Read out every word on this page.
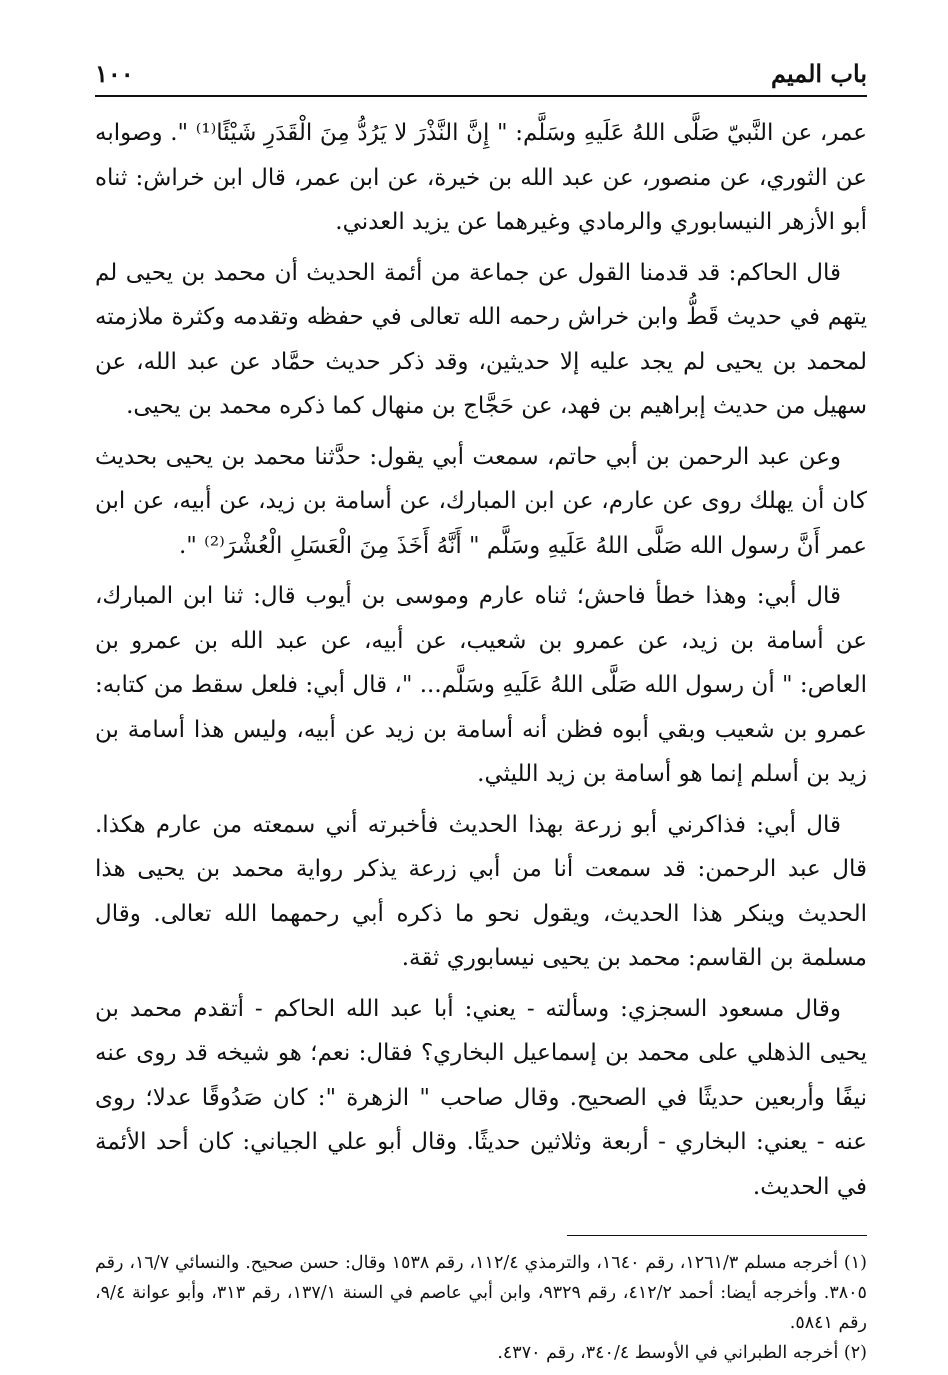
باب الميم
١٠٠

عمر، عن النَّبيّ صَلَّى اللهُ عَلَيهِ وسَلَّم: " إِنَّ النَّذْرَ لا يَرُدُّ مِنَ الْقَدَرِ شَيْئًا⁽¹⁾ ". وصوابه عن الثوري، عن منصور، عن عبد الله بن خيرة، عن ابن عمر، قال ابن خراش: ثناه أبو الأزهر النيسابوري والرمادي وغيرهما عن يزيد العدني.

قال الحاكم: قد قدمنا القول عن جماعة من أئمة الحديث أن محمد بن يحيى لم يتهم في حديث قَطُّ وابن خراش رحمه الله تعالى في حفظه وتقدمه وكثرة ملازمته لمحمد بن يحيى لم يجد عليه إلا حديثين، وقد ذكر حديث حمَّاد عن عبد الله، عن سهيل من حديث إبراهيم بن فهد، عن حَجَّاج بن منهال كما ذكره محمد بن يحيى.

وعن عبد الرحمن بن أبي حاتم، سمعت أبي يقول: حدَّثنا محمد بن يحيى بحديث كان أن يهلك روى عن عارم، عن ابن المبارك، عن أسامة بن زيد، عن أبيه، عن ابن عمر أَنَّ رسول الله صَلَّى اللهُ عَلَيهِ وسَلَّم " أَنَّهُ أَخَذَ مِنَ الْعَسَلِ الْعُشْرَ⁽²⁾ ".

قال أبي: وهذا خطأ فاحش؛ ثناه عارم وموسى بن أيوب قال: ثنا ابن المبارك، عن أسامة بن زيد، عن عمرو بن شعيب، عن أبيه، عن عبد الله بن عمرو بن العاص: " أن رسول الله صَلَّى اللهُ عَلَيهِ وسَلَّم... "، قال أبي: فلعل سقط من كتابه: عمرو بن شعيب وبقي أبوه فظن أنه أسامة بن زيد عن أبيه، وليس هذا أسامة بن زيد بن أسلم إنما هو أسامة بن زيد الليثي.

قال أبي: فذاكرني أبو زرعة بهذا الحديث فأخبرته أني سمعته من عارم هكذا. قال عبد الرحمن: قد سمعت أنا من أبي زرعة يذكر رواية محمد بن يحيى هذا الحديث وينكر هذا الحديث، ويقول نحو ما ذكره أبي رحمهما الله تعالى. وقال مسلمة بن القاسم: محمد بن يحيى نيسابوري ثقة.

وقال مسعود السجزي: وسألته - يعني: أبا عبد الله الحاكم - أتقدم محمد بن يحيى الذهلي على محمد بن إسماعيل البخاري؟ فقال: نعم؛ هو شيخه قد روى عنه نيفًا وأربعين حديثًا في الصحيح. وقال صاحب " الزهرة ": كان صَدُوقًا عدلا؛ روى عنه - يعني: البخاري - أربعة وثلاثين حديثًا. وقال أبو علي الجياني: كان أحد الأئمة في الحديث.

(١) أخرجه مسلم ١٢٦١/٣، رقم ١٦٤٠، والترمذي ١١٢/٤، رقم ١٥٣٨ وقال: حسن صحيح. والنسائي ١٦/٧، رقم ٣٨٠٥. وأخرجه أيضا: أحمد ٤١٢/٢، رقم ٩٣٢٩، وابن أبي عاصم في السنة ١٣٧/١، رقم ٣١٣، وأبو عوانة ٩/٤، رقم ٥٨٤١.

(٢) أخرجه الطبراني في الأوسط ٣٤٠/٤، رقم ٤٣٧٠.
